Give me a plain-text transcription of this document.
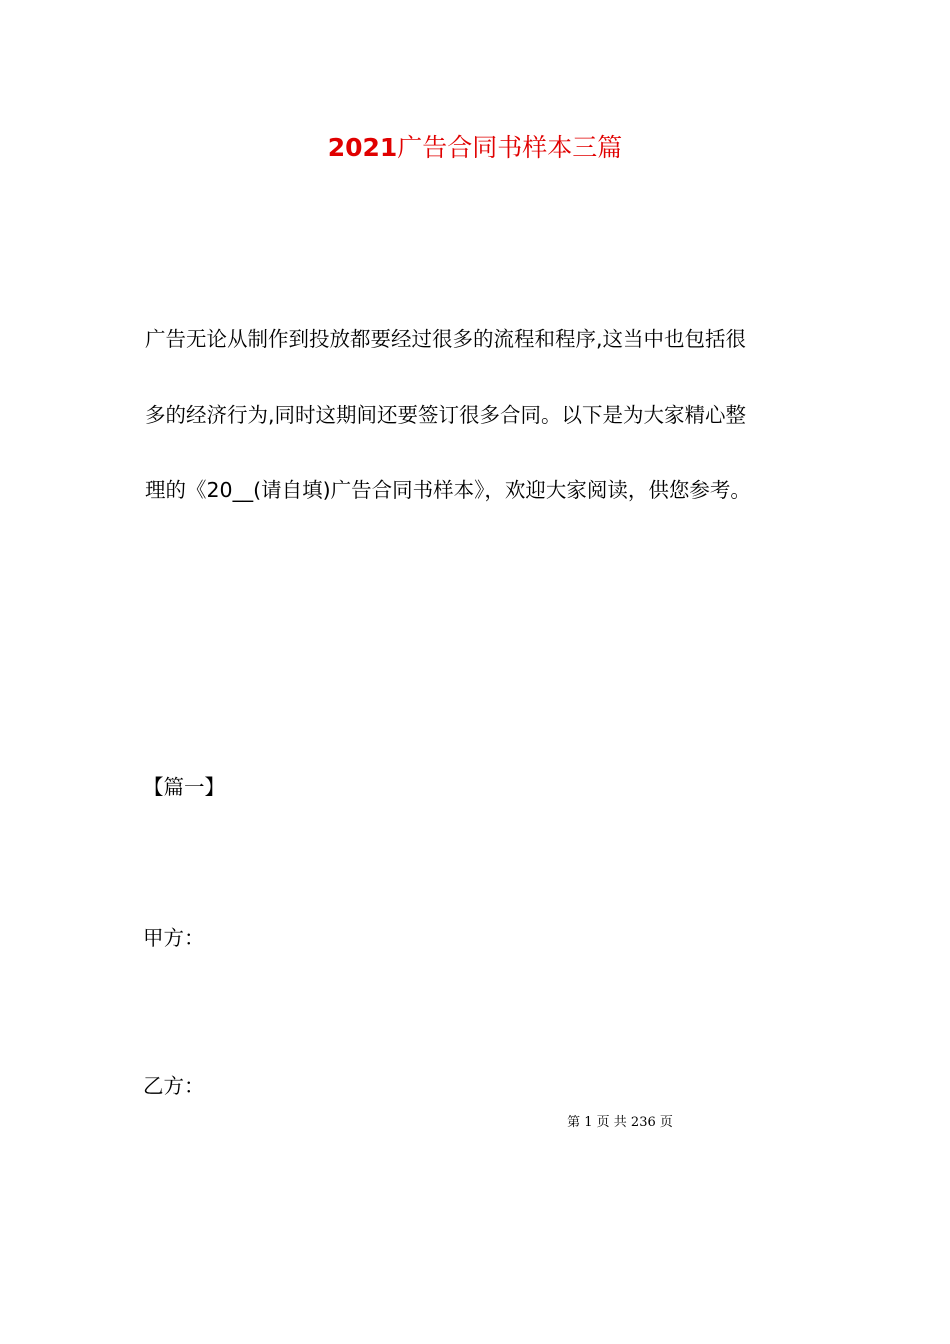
2021广告合同书样本三篇
广告无论从制作到投放都要经过很多的流程和程序,这当中也包括很
多的经济行为,同时这期间还要签订很多合同。以下是为大家精心整
理的《20__(请自填)广告合同书样本》，欢迎大家阅读，供您参考。
【篇一】
甲方：
乙方：
第 1 页 共 236 页
